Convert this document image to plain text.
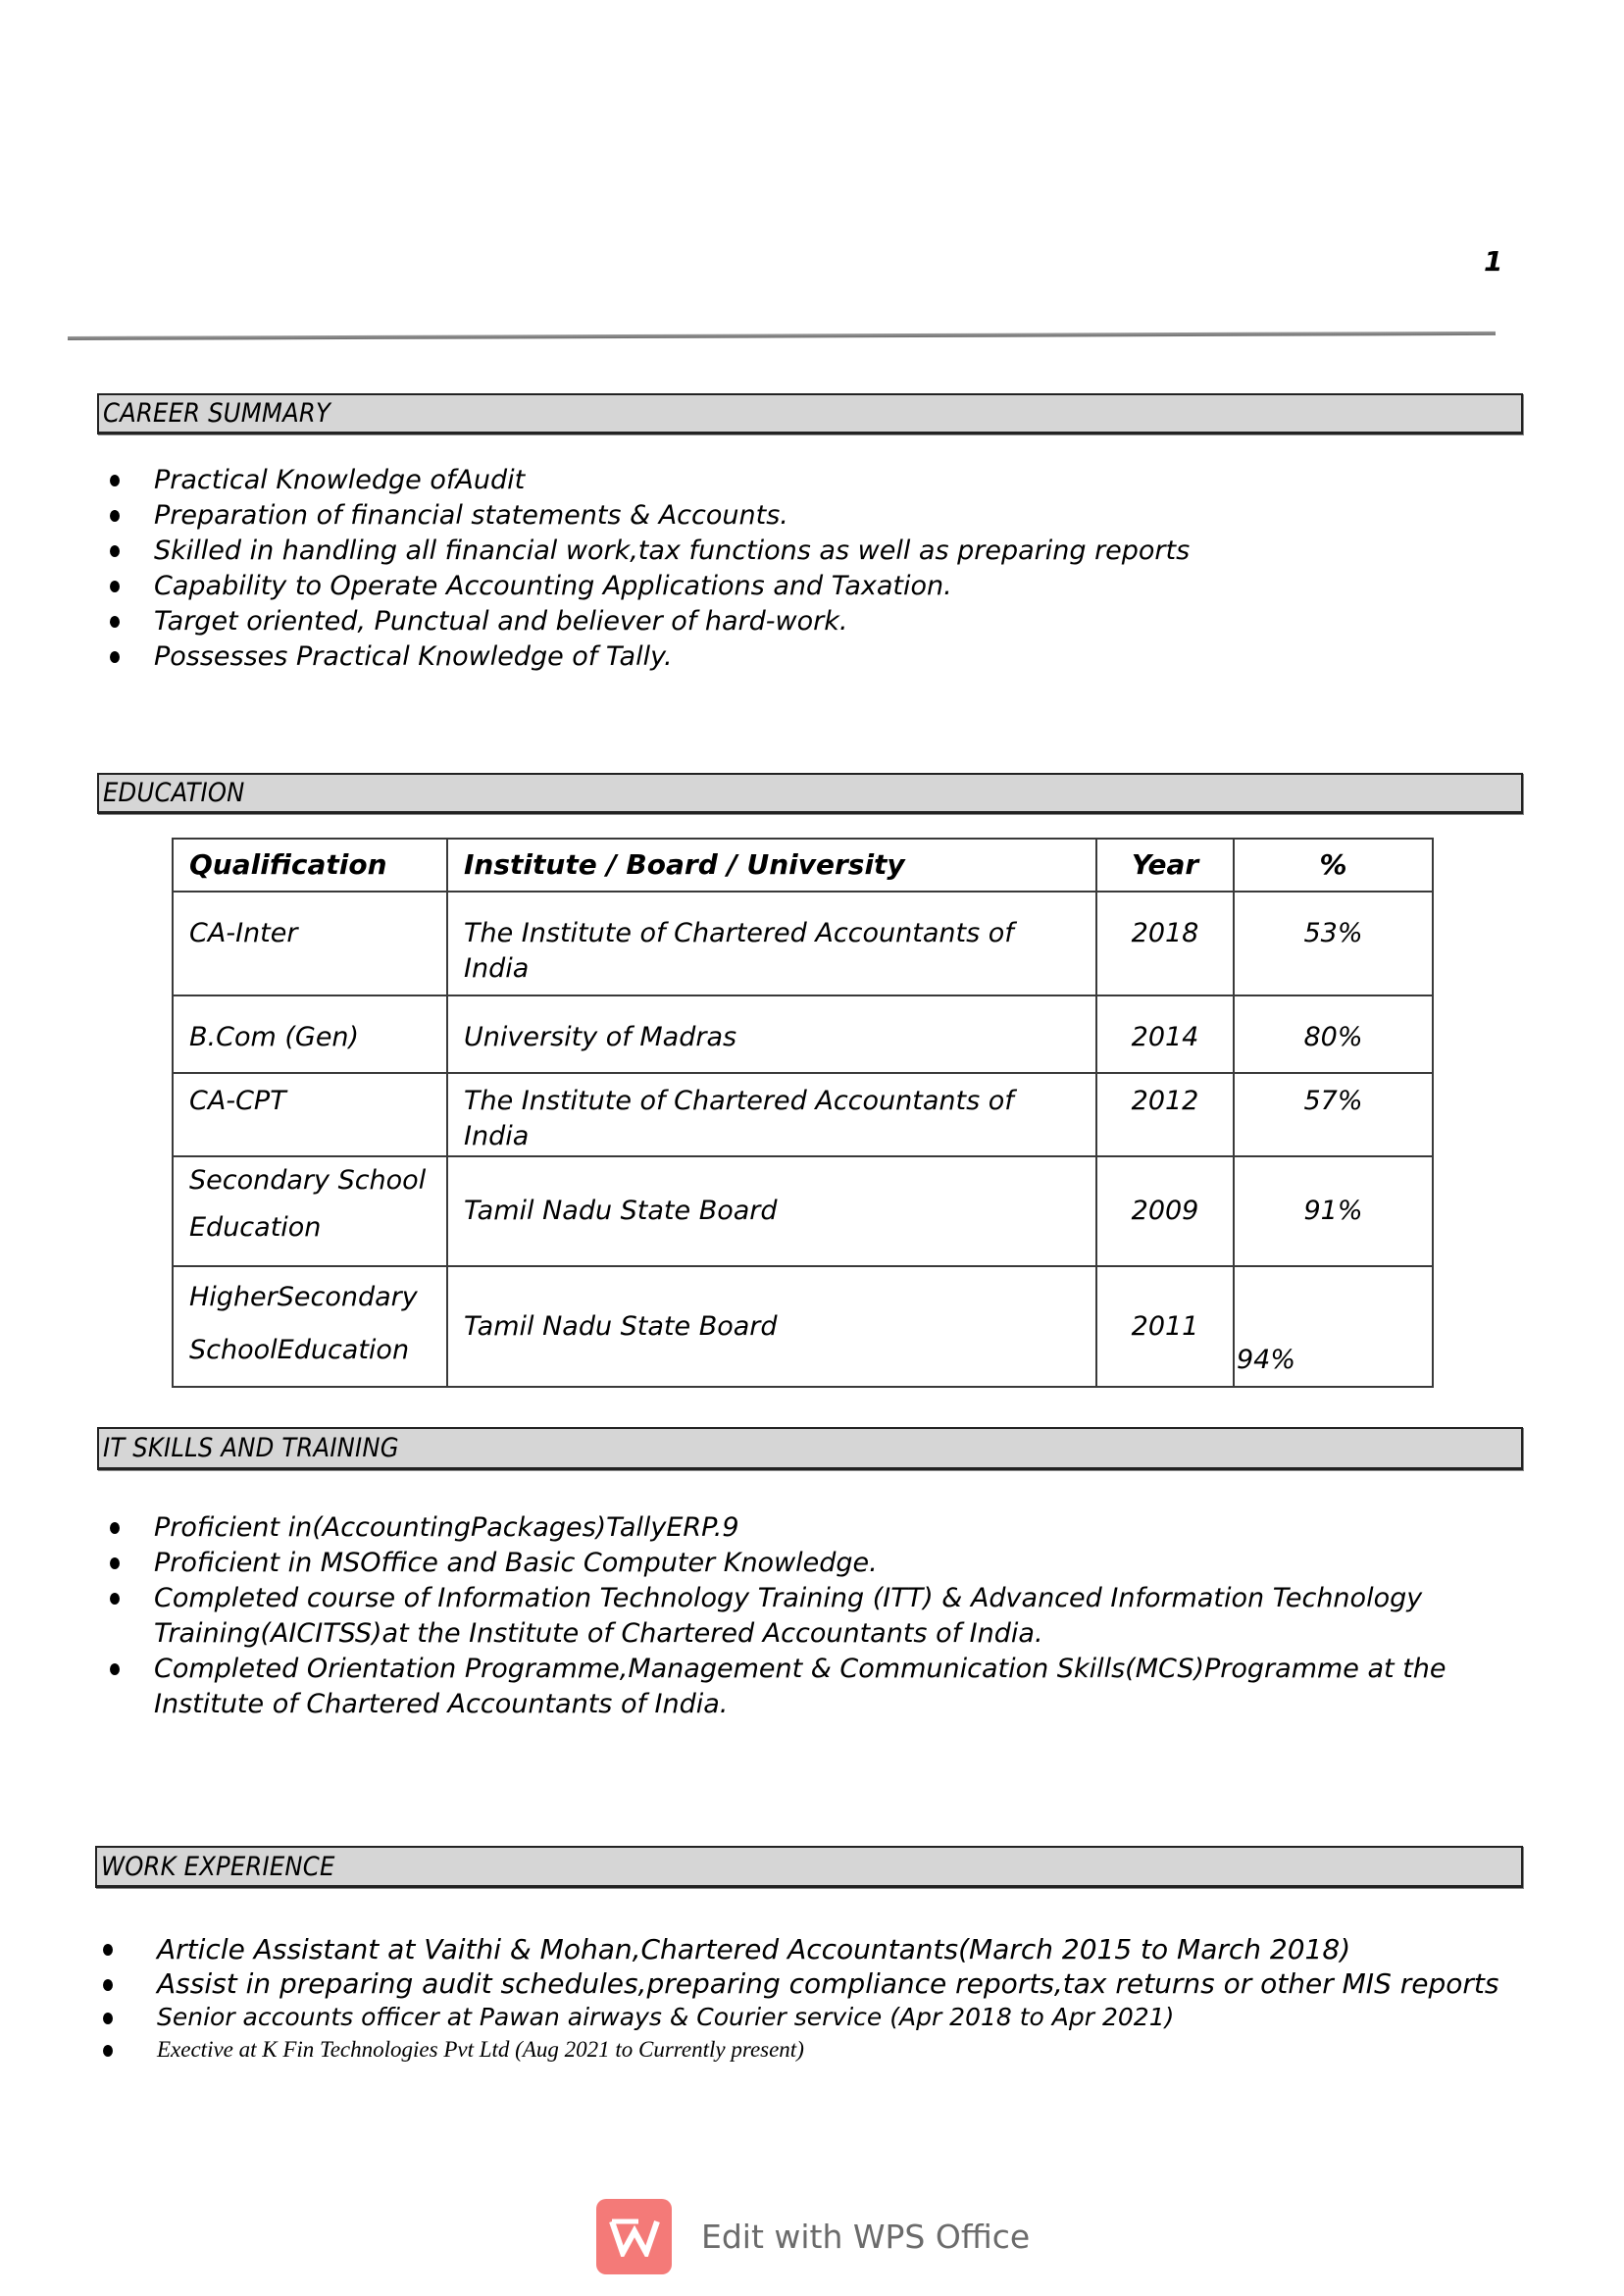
1
CAREER SUMMARY
Practical Knowledge ofAudit
Preparation of financial statements & Accounts.
Skilled in handling all financial work,tax functions as well as preparing reports
Capability to Operate Accounting Applications and Taxation.
Target oriented, Punctual and believer of hard-work.
Possesses Practical Knowledge of Tally.
EDUCATION
Qualification	Institute / Board / University	Year	%
CA-Inter	The Institute of Chartered Accountants of India	2018	53%
B.Com (Gen)	University of Madras	2014	80%
CA-CPT	The Institute of Chartered Accountants of India	2012	57%
Secondary School Education	Tamil Nadu State Board	2009	91%
HigherSecondary SchoolEducation	Tamil Nadu State Board	2011	94%
IT SKILLS AND TRAINING
Proficient in(AccountingPackages)TallyERP.9
Proficient in MSOffice and Basic Computer Knowledge.
Completed course of Information Technology Training (ITT) & Advanced Information Technology Training(AICITSS)at the Institute of Chartered Accountants of India.
Completed Orientation Programme,Management & Communication Skills(MCS)Programme at the Institute of Chartered Accountants of India.
WORK EXPERIENCE
Article Assistant at Vaithi & Mohan,Chartered Accountants(March 2015 to March 2018)
Assist in preparing audit schedules,preparing compliance reports,tax returns or other MIS reports
Senior accounts officer at Pawan airways & Courier service (Apr 2018 to Apr 2021)
Exective at K Fin Technologies Pvt Ltd (Aug 2021 to Currently present)
Edit with WPS Office
